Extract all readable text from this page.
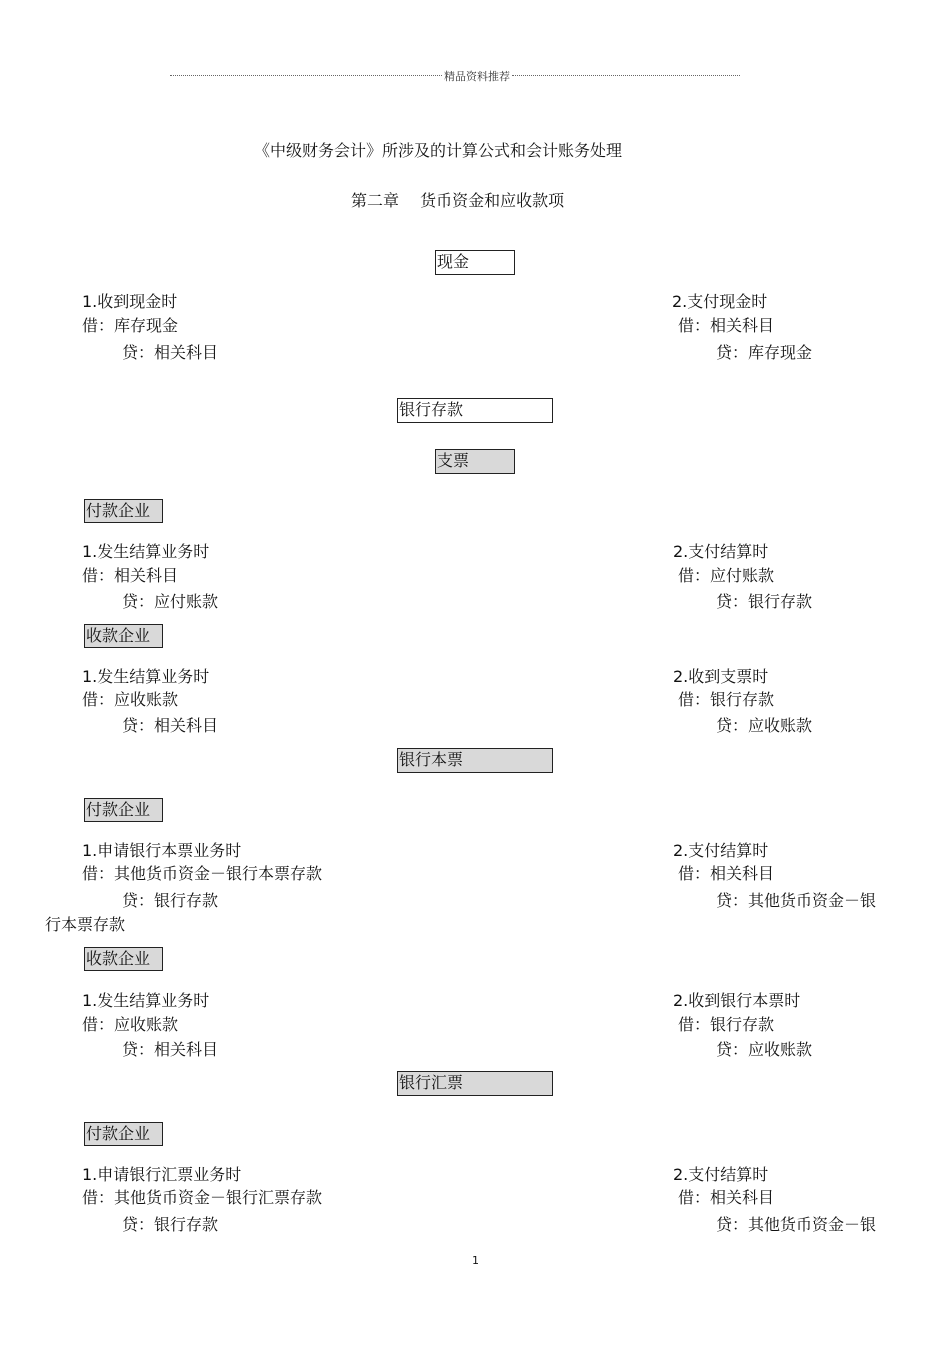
精品资料推荐
《中级财务会计》所涉及的计算公式和会计账务处理
第二章　 货币资金和应收款项
现金
1.收到现金时
借：库存现金
贷：相关科目
2.支付现金时
借：相关科目
贷：库存现金
银行存款
支票
付款企业
1.发生结算业务时
借：相关科目
贷：应付账款
2.支付结算时
借：应付账款
贷：银行存款
收款企业
1.发生结算业务时
借：应收账款
贷：相关科目
2.收到支票时
借：银行存款
贷：应收账款
银行本票
付款企业
1.申请银行本票业务时
借：其他货币资金－银行本票存款
贷：银行存款
2.支付结算时
借：相关科目
贷：其他货币资金－银
行本票存款
收款企业
1.发生结算业务时
借：应收账款
贷：相关科目
2.收到银行本票时
借：银行存款
贷：应收账款
银行汇票
付款企业
1.申请银行汇票业务时
借：其他货币资金－银行汇票存款
贷：银行存款
2.支付结算时
借：相关科目
贷：其他货币资金－银
1
